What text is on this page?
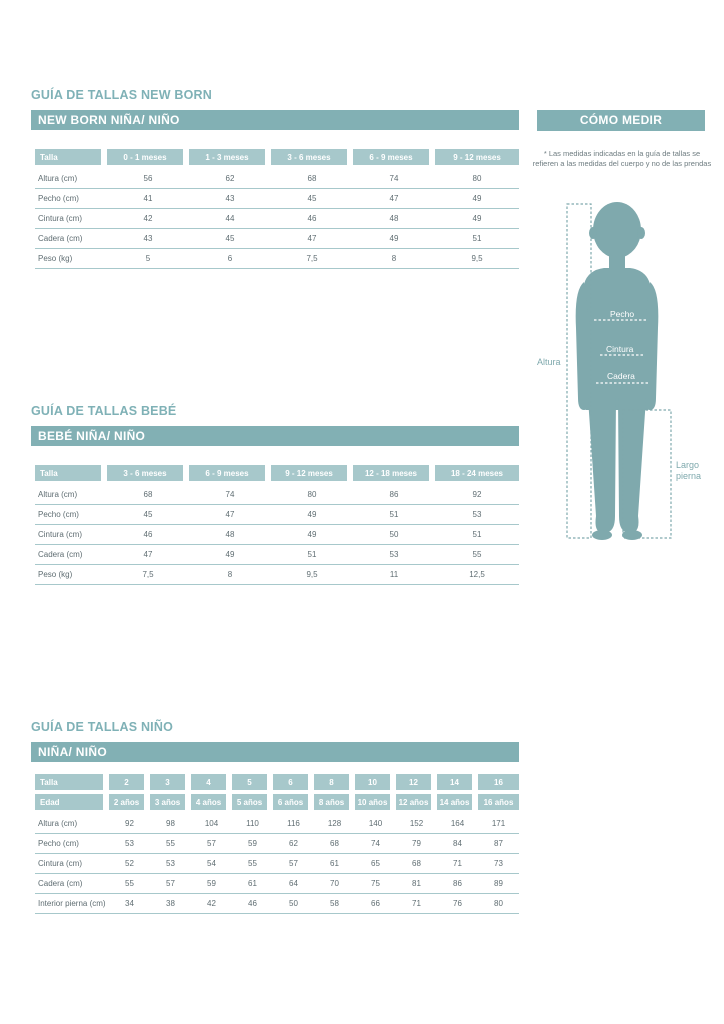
GUÍA DE TALLAS NEW BORN
NEW BORN NIÑA/ NIÑO
Talla	0 - 1 meses	1 - 3 meses	3 - 6 meses	6 - 9 meses	9 - 12 meses
Altura (cm)	56	62	68	74	80
Pecho (cm)	41	43	45	47	49
Cintura (cm)	42	44	46	48	49
Cadera (cm)	43	45	47	49	51
Peso (kg)	5	6	7,5	8	9,5
GUÍA DE TALLAS BEBÉ
BEBÉ NIÑA/ NIÑO
Talla	3 - 6 meses	6 - 9 meses	9 - 12 meses	12 - 18 meses	18 - 24 meses
Altura (cm)	68	74	80	86	92
Pecho (cm)	45	47	49	51	53
Cintura (cm)	46	48	49	50	51
Cadera (cm)	47	49	51	53	55
Peso (kg)	7,5	8	9,5	11	12,5
GUÍA DE TALLAS NIÑO
NIÑA/ NIÑO
Talla	2	3	4	5	6	8	10	12	14	16
Edad	2 años	3 años	4 años	5 años	6 años	8 años	10 años	12 años	14 años	16 años
Altura (cm)	92	98	104	110	116	128	140	152	164	171
Pecho (cm)	53	55	57	59	62	68	74	79	84	87
Cintura (cm)	52	53	54	55	57	61	65	68	71	73
Cadera (cm)	55	57	59	61	64	70	75	81	86	89
Interior pierna (cm)	34	38	42	46	50	58	66	71	76	80
CÓMO MEDIR
* Las medidas indicadas en la guía de tallas se refieren a las medidas del cuerpo y no de las prendas
Pecho
Cintura
Cadera
Altura
Largo pierna
